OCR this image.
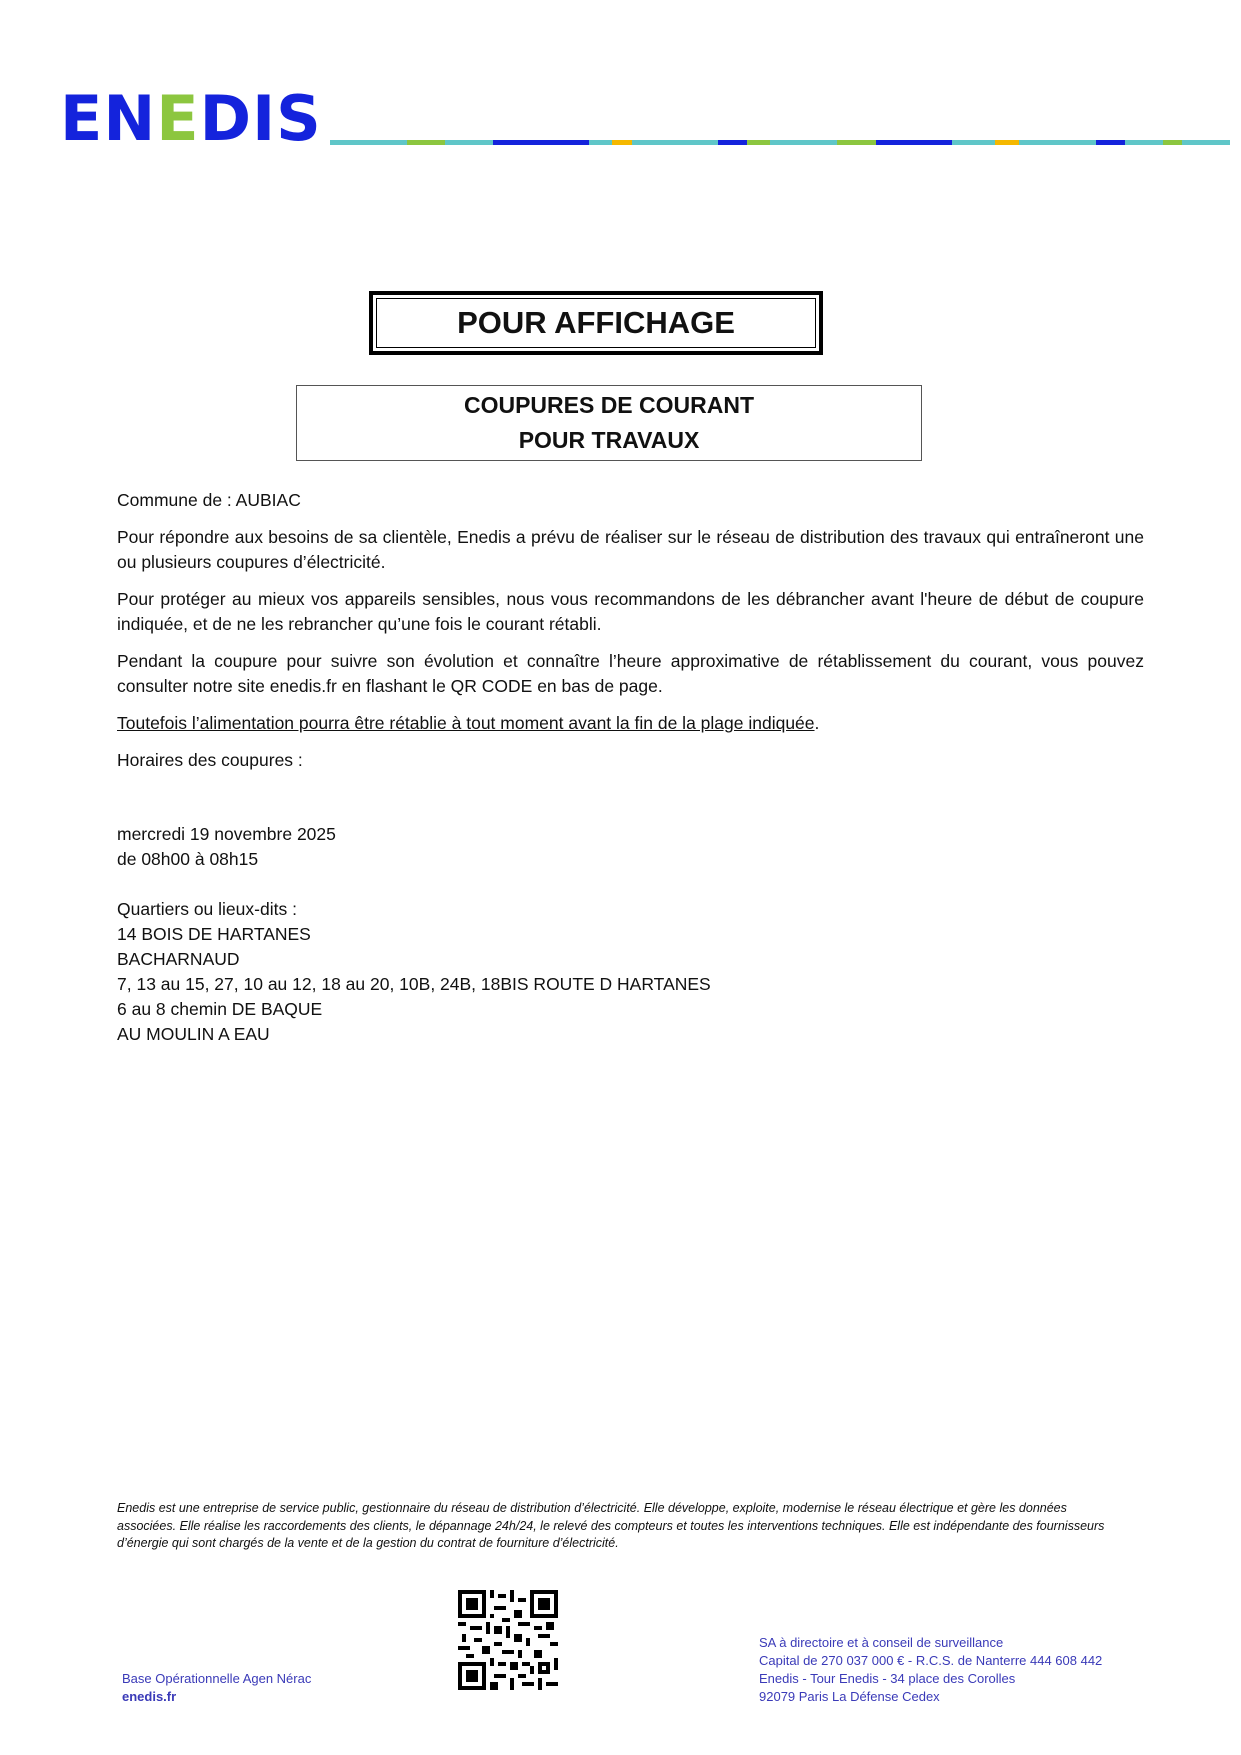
ENEDIS
POUR AFFICHAGE
COUPURES DE COURANT
POUR TRAVAUX

Commune de : AUBIAC

Pour répondre aux besoins de sa clientèle, Enedis a prévu de réaliser sur le réseau de distribution des travaux qui entraîneront une ou plusieurs coupures d’électricité.

Pour protéger au mieux vos appareils sensibles, nous vous recommandons de les débrancher avant l'heure de début de coupure indiquée, et de ne les rebrancher qu’une fois le courant rétabli.

Pendant la coupure pour suivre son évolution et connaître l’heure approximative de rétablissement du courant, vous pouvez consulter notre site enedis.fr en flashant le QR CODE en bas de page.

Toutefois l’alimentation pourra être rétablie à tout moment avant la fin de la plage indiquée.

Horaires des coupures :

mercredi 19 novembre 2025
de 08h00 à 08h15
Quartiers ou lieux-dits :
14 BOIS DE HARTANES
BACHARNAUD
7, 13 au 15, 27, 10 au 12, 18 au 20, 10B, 24B, 18BIS ROUTE D HARTANES
6 au 8 chemin DE BAQUE
AU MOULIN A EAU
Enedis est une entreprise de service public, gestionnaire du réseau de distribution d’électricité. Elle développe, exploite, modernise le réseau électrique et gère les données associées. Elle réalise les raccordements des clients, le dépannage 24h/24, le relevé des compteurs et toutes les interventions techniques. Elle est indépendante des fournisseurs d’énergie qui sont chargés de la vente et de la gestion du contrat de fourniture d’électricité.
Base Opérationnelle Agen Nérac
enedis.fr
SA à directoire et à conseil de surveillance
Capital de 270 037 000 € - R.C.S. de Nanterre 444 608 442
Enedis - Tour Enedis - 34 place des Corolles
92079 Paris La Défense Cedex
